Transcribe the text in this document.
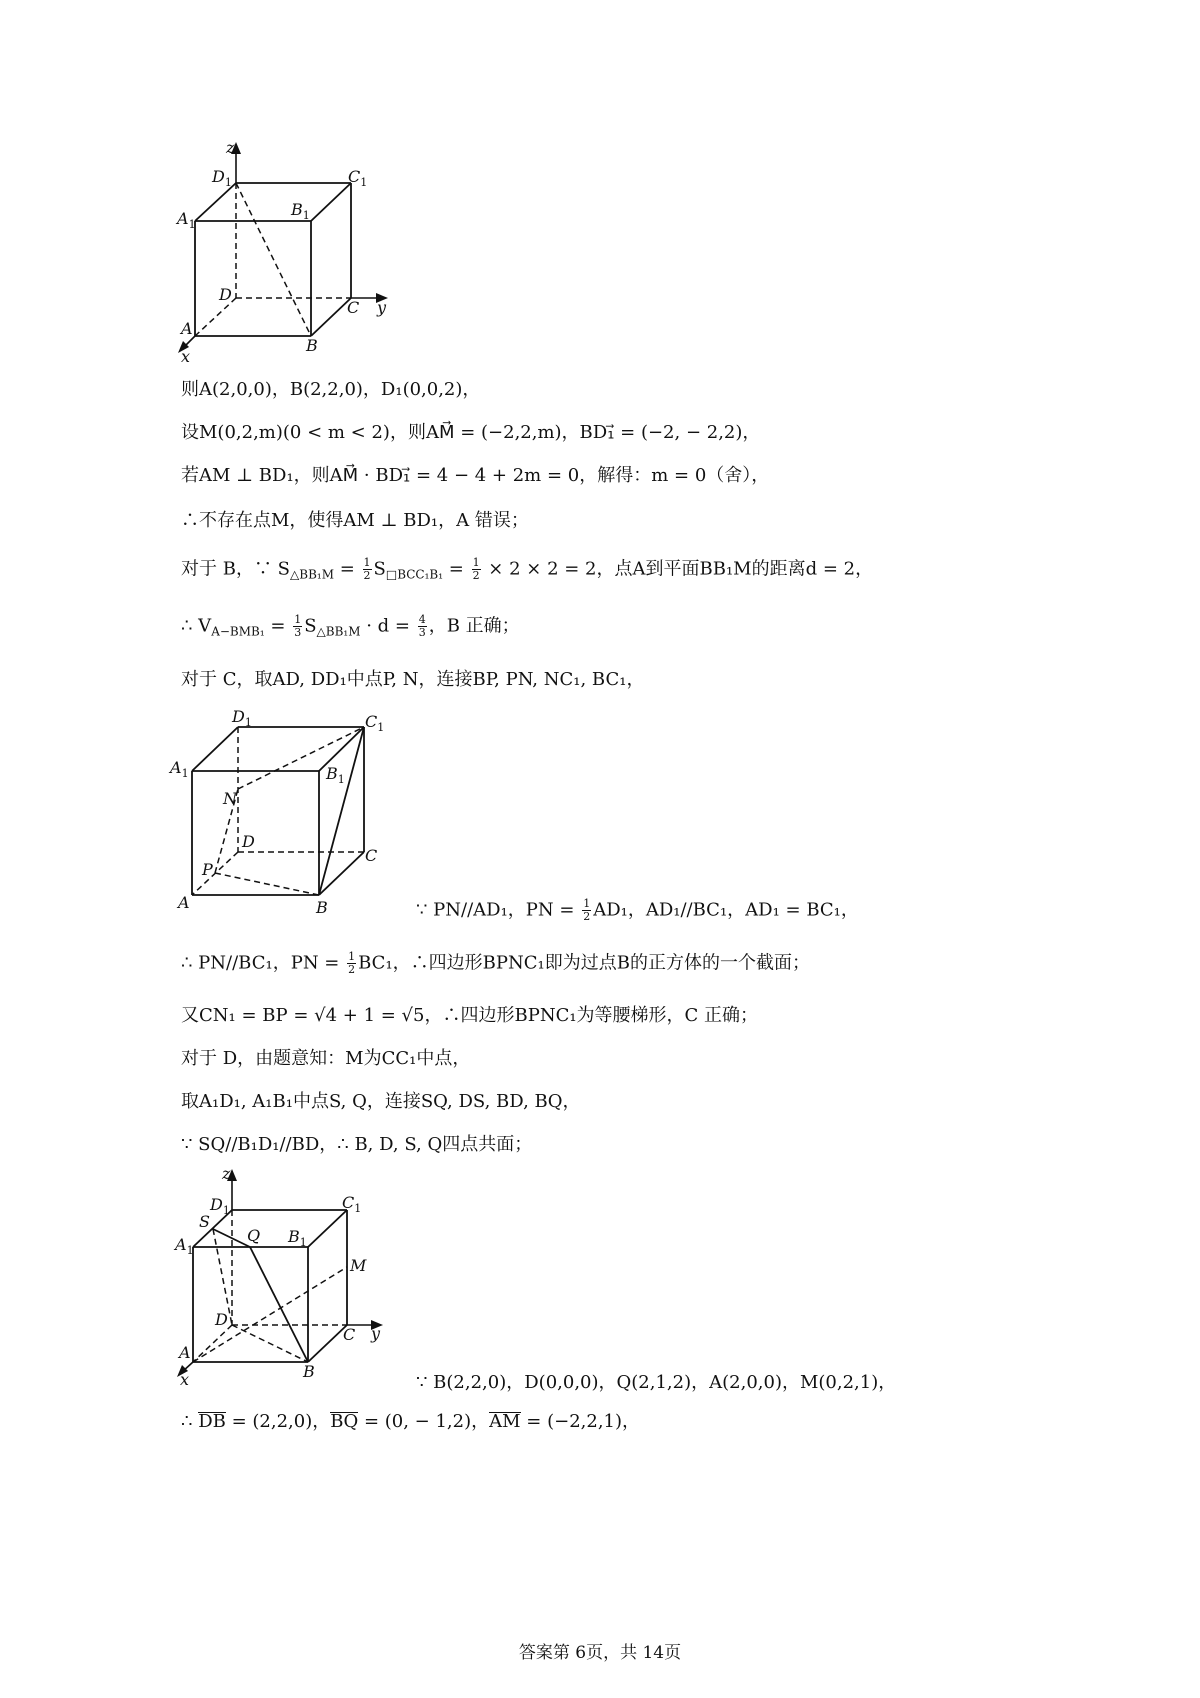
z
y
x
$D_1$	$C_1$
$A_1$
$B_1$
D
C
A
B
则A(2,0,0)，B(2,2,0)，D₁(0,0,2)，
设M(0,2,m)(0 < m < 2)，则AM⃗ = (−2,2,m)，BD₁⃗ = (−2, − 2,2)，
若AM ⊥ BD₁，则AM⃗ · BD₁⃗ = 4 − 4 + 2m = 0，解得：m = 0（舍），
∴不存在点M，使得AM ⊥ BD₁，A 错误；
对于 B，∵ $S_{\triangle BB_1M} = \frac{1}{2} S_{□BCC_1B_1} = \frac{1}{2} \times 2 \times 2 = 2$，点A到平面BB₁M的距离d = 2，
∴ $V_{A-BMB_1} = \frac{1}{3} S_{\triangle BB_1M} \cdot d = \frac{4}{3}$ ，B 正确；
对于 C，取AD, DD₁中点P, N，连接BP, PN, NC₁, BC₁，
$D_1$	$C_1$
$A_1$	$B_1$
N
D
C
P
A	B	∵ PN//AD₁，PN = $\frac{1}{2} AD_1$，AD₁//BC₁，AD₁ = BC₁，
∴ PN//BC₁，PN = $\frac{1}{2} BC_1$，∴四边形BPNC₁即为过点B的正方体的一个截面；
又CN₁ = BP = √4 + 1 = √5，∴四边形BPNC₁为等腰梯形，C 正确；
对于 D，由题意知：M为CC₁中点，
取A₁D₁, A₁B₁中点S, Q，连接SQ, DS, BD, BQ，
∵ SQ//B₁D₁//BD，∴ B, D, S, Q四点共面；
z
y
x
$D_1$	$C_1$
S
Q
$A_1$
$B_1$
M
D
C
A
B
∵ B(2,2,0)，D(0,0,0)，Q(2,1,2)，A(2,0,0)，M(0,2,1)，
∴ DB = (2,2,0)，BQ = (0, − 1,2)，AM = (−2,2,1)，
答案第 6页，共 14页
